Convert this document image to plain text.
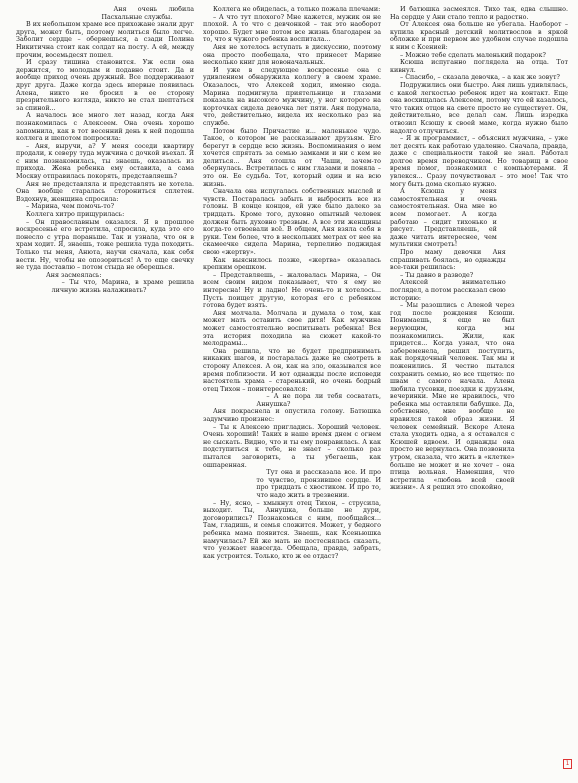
Аня очень любила Пасхальные службы.

В их небольшом храме все прихожане знали друг друга, может быть, поэтому молиться было легче. Заболит сердце – обернешься, а сзади Полина Никитична стоит как солдат на посту. А ей, между прочим, восемьдесят пошел.

И сразу тишина становится. Уж если она держится, то молодым и подавно стоит. Да и вообще приход очень дружный. Все поддерживают друг друга. Даже когда здесь впервые появилась Алена, никто не бросил в ее сторону презрительного взгляда, никто не стал шептаться за спиной...

А началось все много лет назад, когда Аня познакомилась с Алексеем. Она очень хорошо запомнила, как в тот весенний день к ней подошла коллега и шепотом попросила:

– Аня, выручи, а? У меня соседи квартиру продали, к северу туда мужчина с дочкой въехал. Я с ним познакомилась, ты знаешь, оказалась из прихода. Жена ребенка ему оставила, а сама Москву отправилась покорять, представляешь?

Аня не представляла и представлять не хотела. Она вообще старалась сторониться сплетен. Вздохнув, женщина спросила:

– Марина, чем помочь-то?

Коллега хитро прищурилась:

– Он православным оказался. Я в прошлое воскресенье его встретила, спросила, куда это его понесло с утра пораньше. Так и узнала, что он в храм ходит. Я, знаешь, тоже решила туда походить. Только ты меня, Анюта, научи сначала, как себя вести. Ну, чтобы не опозориться! А то еще свечку не туда поставлю – потом стыда не оберешься.

Аня засмеялась:

– Ты что, Марина, в храме решила личную жизнь налаживать?

Коллега не обиделась, а только пожала плечами:

– А что тут плохого? Мне кажется, мужик он не плохой. А то что с девчонкой – так это наоборот хорошо. Будет мне потом все жизнь благодарен за то, что я чужого ребенка воспитала...

Аня не хотелось вступать в дискуссию, поэтому она просто пообещала, что принесет Марине несколько книг для новоначальных.

И уже в следующее воскресенье она с удивлением обнаружила коллегу в своем храме. Оказалось, что Алексей ходил, именно сюда. Марина подмигнула приятельнице и глазами показала на высокого мужчину, у ног которого на корточках сидела девочка лет пяти. Аня подумала, что, действительно, видела их несколько раз на службе.

Потом было Причастие и... маленькое чудо. Такое, о котором не рассказывают друзьям. Его берегут в сердце всю жизнь. Воспоминания о нем хочется спрятать за семью замками и ни с кем не делиться... Аня отошла от Чаши, зачем-то обернулась. Встретилась с ним глазами и поняла – это он. Ее судьба. Тот, который один и на всю жизнь.

Сначала она испугалась собственных мыслей и чувств. Постаралась забыть и выбросить все из головы. В конце концов, ей уже было далеко за тридцать. Кроме того, духовно опытный человек должен быть духовно трезвым. А все эти женщины когда-то отвоевали всё. В общем, Аня взяла себя в руки. Тем более, что в нескольких метрах от нее на скамеечке сидела Марина, терпеливо поджидая свою «жертву».

Как выяснилось позже, «жертва» оказалась крепким орешком.

– Представляешь, – жаловалась Марина, – Он всем своим видом показывает, что я ему не интересна! Ну и ладно! Не очень-то и хотелось... Пусть поищет другую, которая его с ребенком готова будет взять.

Аня молчала. Молчала и думала о том, как может мать оставить свое дитя! Как мужчина может самостоятельно воспитывать ребенка! Вся эта история походила на сюжет какой-то мелодрамы...

Она решила, что не будет предпринимать никаких шагов, и постаралась даже не смотреть в сторону Алексея. А он, как на зло, оказывался все время поблизости. И вот однажды после исповеди настоятель храма – старенький, но очень бодрый отец Тихон – поинтересовался:

– А не пора ли тебя сосватать, Аннушка?

Аня покраснела и опустила голову. Батюшка задумчиво произнес:

– Ты к Алексею пригладись. Хороший человек. Очень хороший! Таких в наше время днем с огнем не сыскать. Видно, что и ты ему понравилась. А как подступиться к тебе, не знает – сколько раз пытался заговорить, а ты убегаешь, как ошпаренная.

Тут она и рассказала все. И про то чувство, пронзившее сердце. И про тридцать с хвостиком. И про то, что надо жить в трезвении.

– Ну, ясно, – хмыкнул отец Тихон, – струсила, выходит. Ты, Аннушка, больше не дури, договорились? Познакомься с ним, пообщайся... Там, гладишь, и семья сложится. Может, у бедного ребенка мама появится. Знаешь, как Ксеньюшка намучилась? Ей же мать не постеснялась сказать, что уезжает навсегда. Обещала, правда, забрать, как устроится. Только, кто ж ее отдаст?

И батюшка засмеялся. Тихо так, едва слышно. На сердце у Ани стало тепло и радостно.

От Алексея она больше не убегала. Наоборот – купила красный детский молитвослов в яркой обложке и при первом же удобном случае подошла к ним с Ксенией:

– Можно тебе сделать маленький подарок?

Ксюша испуганно поглядела на отца. Тот кивнул.

– Спасибо, – сказала девочка, – а как же зовут?

Подружились они быстро. Аня лишь удивлялась, с какой легкостью ребенок идет на контакт. Еще она восхищалась Алексеем, потому что ей казалось, что таких отцов на свете просто не существует. Он, действительно, все делал сам. Лишь изредка отвозил Ксюшу к своей маме, когда нужно было надолго отлучиться.

– Я ж программист, – объяснил мужчина, – уже лет десять как работаю удаленно. Сначала, правда, даже с специальности такой не знал. Работал долгое время переводчиком. Но товарищ в свое время помог, познакомил с компьютерами. Я увлекся... Сразу почувствовал – это мое! Так что могу быть дома сколько нужно.

А Ксюша у меня самостоятельная и очень самостоятельная. Она мне во всем помогает. А когда работаю – сидит тихонько и рисует. Представляешь, ей даже читать интереснее, чем мультики смотреть!

Про маму девочки Аня спрашивать боялась, но однажды все-таки решилась:

– Ты давно в разводе?

Алексей внимательно поглядел, а потом рассказал свою историю:

– Мы разошлись с Аленой через год после рождения Ксюши. Понимаешь, я еще не был верующим, когда мы познакомились. Жили, как придется... Когда узнал, что она забеременела, решил поступить, как порядочный человек. Так мы и поженились. Я честно пытался сохранить семью, но все тщетно: по швам с самого начала. Алена любила тусовки, поездки к друзьям, вечеринки. Мне не нравилось, что ребенка мы оставляли бабушке. Да, собственно, мне вообще не нравился такой образ жизни. Я человек семейный. Вскоре Алена стала уходить одна, а я оставался с Ксюшей вдвоем. И однажды она просто не вернулась. Она позвонила утром, сказала, что жить в «клетке» больше не может и не хочет – она птица вольная. Наменшия, что встретила «любовь всей своей жизни». А я решил это спокойно,

1
